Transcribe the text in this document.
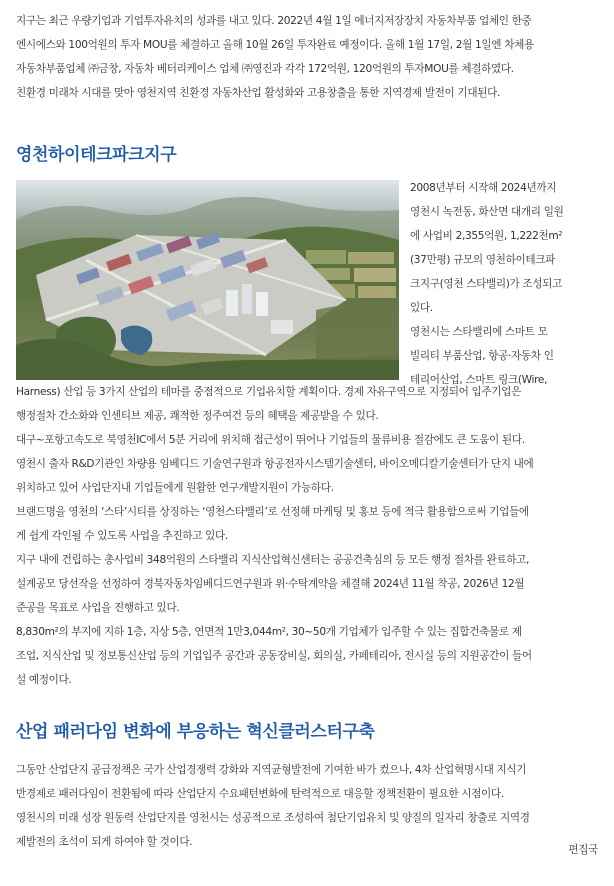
지구는 최근 우량기업과 기업투자유치의 성과를 내고 있다. 2022년 4월 1일 에너지저장장치 자동차부품 업체인 한중
엔시에스와 100억원의 투자 MOU를 체결하고 올해 10월 26일 투자완료 예정이다. 올해 1월 17일, 2월 1일엔 차체용
자동차부품업체 ㈜금창, 자동차 베터리케이스 업체 ㈜영진과 각각 172억원, 120억원의 투자MOU를 체결하였다.
친환경 미래차 시대를 맞아 영천지역 친환경 자동차산업 활성화와 고용창출을 통한 지역경제 발전이 기대된다.

영천하이테크파크지구

2008년부터 시작해 2024년까지
영천시 녹전동, 화산면 대개리 일원
에 사업비 2,355억원, 1,222천m²
(37만평) 규모의 영천하이테크파
크지구(영천 스타밸리)가 조성되고
있다.
영천시는 스타밸리에 스마트 모
빌리티 부품산업, 항공·자동차 인
테리어산업, 스마트 링크(Wire,

Harness) 산업 등 3가지 산업의 테마를 중점적으로 기업유치할 계획이다. 경제 자유구역으로 지정되어 입주기업은
행정절차 간소화와 인센티브 제공, 쾌적한 정주여건 등의 혜택을 제공받을 수 있다.
대구~포항고속도로 북영천IC에서 5분 거리에 위치해 접근성이 뛰어나 기업들의 물류비용 절감에도 큰 도움이 된다.
영천시 출자 R&D기관인 차량용 임베디드 기술연구원과 항공전자시스템기술센터, 바이오메디칼기술센터가 단지 내에
위치하고 있어 사업단지내 기업들에게 원활한 연구개발지원이 가능하다.
브랜드명을 영천의 ‘스타’시티를 상징하는 ‘영천스타밸리’로 선정해 마케팅 및 홍보 등에 적극 활용함으로써 기업들에
게 쉽게 각인될 수 있도록 사업을 추진하고 있다.
지구 내에 건립하는 총사업비 348억원의 스타밸리 지식산업혁신센터는 공공건축심의 등 모든 행정 절차를 완료하고,
설계공모 당선작을 선정하여 경북자동차임베디드연구원과 위·수탁계약을 체결해 2024년 11월 착공, 2026년 12월
준공을 목표로 사업을 진행하고 있다.
8,830m²의 부지에 지하 1층, 지상 5층, 연면적 1만3,044m², 30~50개 기업체가 입주할 수 있는 집합건축물로 제
조업, 지식산업 및 정보통신산업 등의 기업입주 공간과 공동장비실, 회의실, 카페테리아, 전시실 등의 지원공간이 들어
설 예정이다.

산업 패러다임 변화에 부응하는 혁신클러스터구축

그동안 산업단지 공급정책은 국가 산업경쟁력 강화와 지역균형발전에 기여한 바가 컸으나, 4차 산업혁명시대 지식기
반경제로 패러다임이 전환됨에 따라 산업단지 수요패턴변화에 탄력적으로 대응할 정책전환이 필요한 시점이다.
영천시의 미래 성장 원동력 산업단지를 영천시는 성공적으로 조성하여 첨단기업유치 및 양질의 일자리 창출로 지역경
제발전의 초석이 되게 하여야 할 것이다.

편집국
